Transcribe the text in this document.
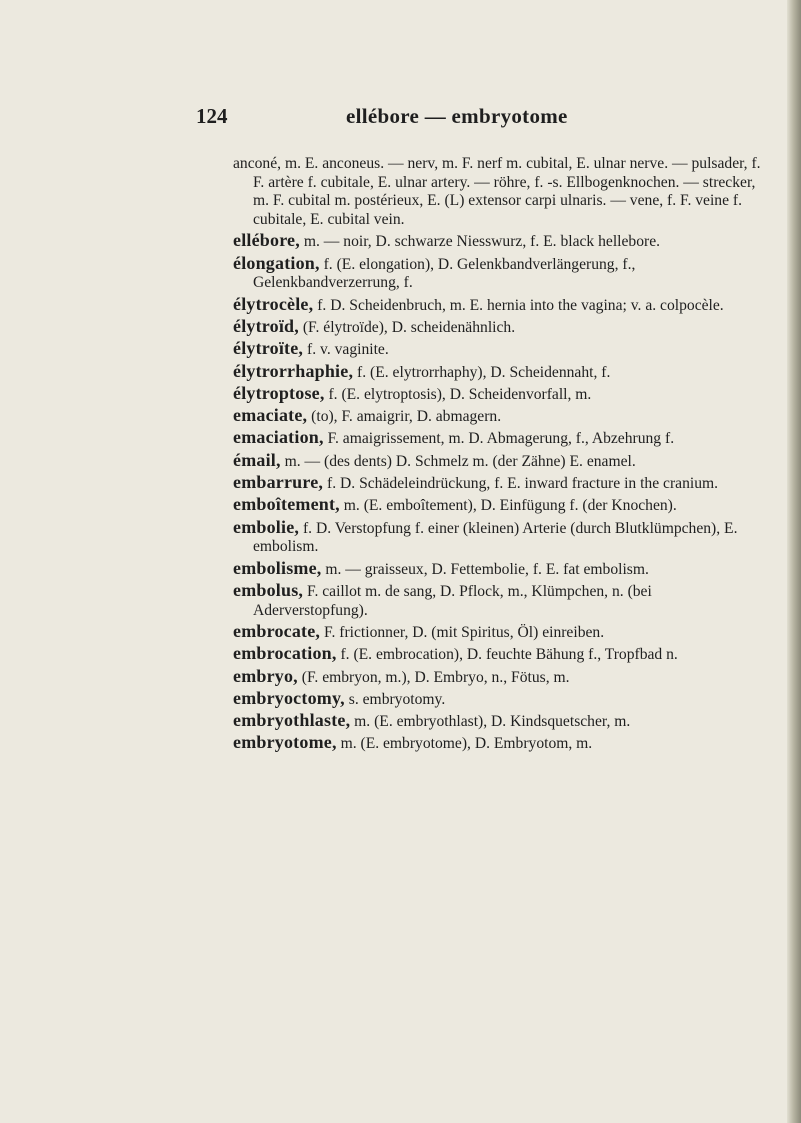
124	ellébore — embryotome

anconé, m. E. anconeus. — nerv, m. F. nerf m. cubital, E. ulnar nerve. — pulsader, f. F. artère f. cubitale, E. ulnar artery. — röhre, f. -s. Ellbogenknochen. — strecker, m. F. cubital m. postérieux, E. (L) extensor carpi ulnaris. — vene, f. F. veine f. cubitale, E. cubital vein.

ellébore, m. — noir, D. schwarze Niesswurz, f. E. black hellebore.

élongation, f. (E. elongation), D. Gelenkbandverlängerung, f., Gelenkbandverzerrung, f.

élytrocèle, f. D. Scheidenbruch, m. E. hernia into the vagina; v. a. colpocèle.

élytroïd, (F. élytroïde), D. scheidenähnlich.

élytroïte, f. v. vaginite.

élytrorrhaphie, f. (E. elytrorrhaphy), D. Scheidennaht, f.

élytroptose, f. (E. elytroptosis), D. Scheidenvorfall, m.

emaciate, (to), F. amaigrir, D. abmagern.

emaciation, F. amaigrissement, m. D. Abmagerung, f., Abzehrung f.

émail, m. — (des dents) D. Schmelz m. (der Zähne) E. enamel.

embarrure, f. D. Schädeleindrückung, f. E. inward fracture in the cranium.

emboîtement, m. (E. emboîtement), D. Einfügung f. (der Knochen).

embolie, f. D. Verstopfung f. einer (kleinen) Arterie (durch Blutklümpchen), E. embolism.

embolisme, m. — graisseux, D. Fettembolie, f. E. fat embolism.

embolus, F. caillot m. de sang, D. Pflock, m., Klümpchen, n. (bei Aderverstopfung).

embrocate, F. frictionner, D. (mit Spiritus, Öl) einreiben.

embrocation, f. (E. embrocation), D. feuchte Bähung f., Tropfbad n.

embryo, (F. embryon, m.), D. Embryo, n., Fötus, m.

embryoctomy, s. embryotomy.

embryothlaste, m. (E. embryothlast), D. Kindsquetscher, m.

embryotome, m. (E. embryotome), D. Embryotom, m.
